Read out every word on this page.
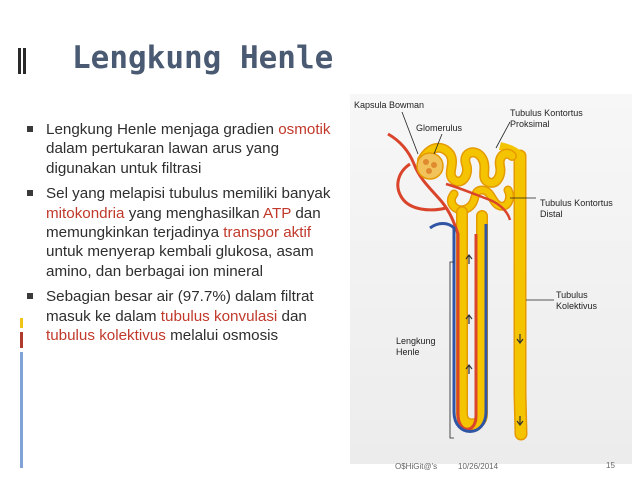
Lengkung Henle
Lengkung Henle menjaga gradien osmotik dalam pertukaran lawan arus yang digunakan untuk filtrasi
Sel yang melapisi tubulus memiliki banyak mitokondria yang menghasilkan ATP dan memungkinkan terjadinya transpor aktif untuk menyerap kembali glukosa, asam amino, dan berbagai ion mineral
Sebagian besar air (97.7%) dalam filtrat masuk ke dalam tubulus konvulasi dan tubulus kolektivus melalui osmosis
Kapsula Bowman
Glomerulus
Tubulus Kontortus
Proksimal
Tubulus Kontortus
Distal
Tubulus
Kolektivus
Lengkung
Henle
O$HiGit@'s	10/26/2014	15
